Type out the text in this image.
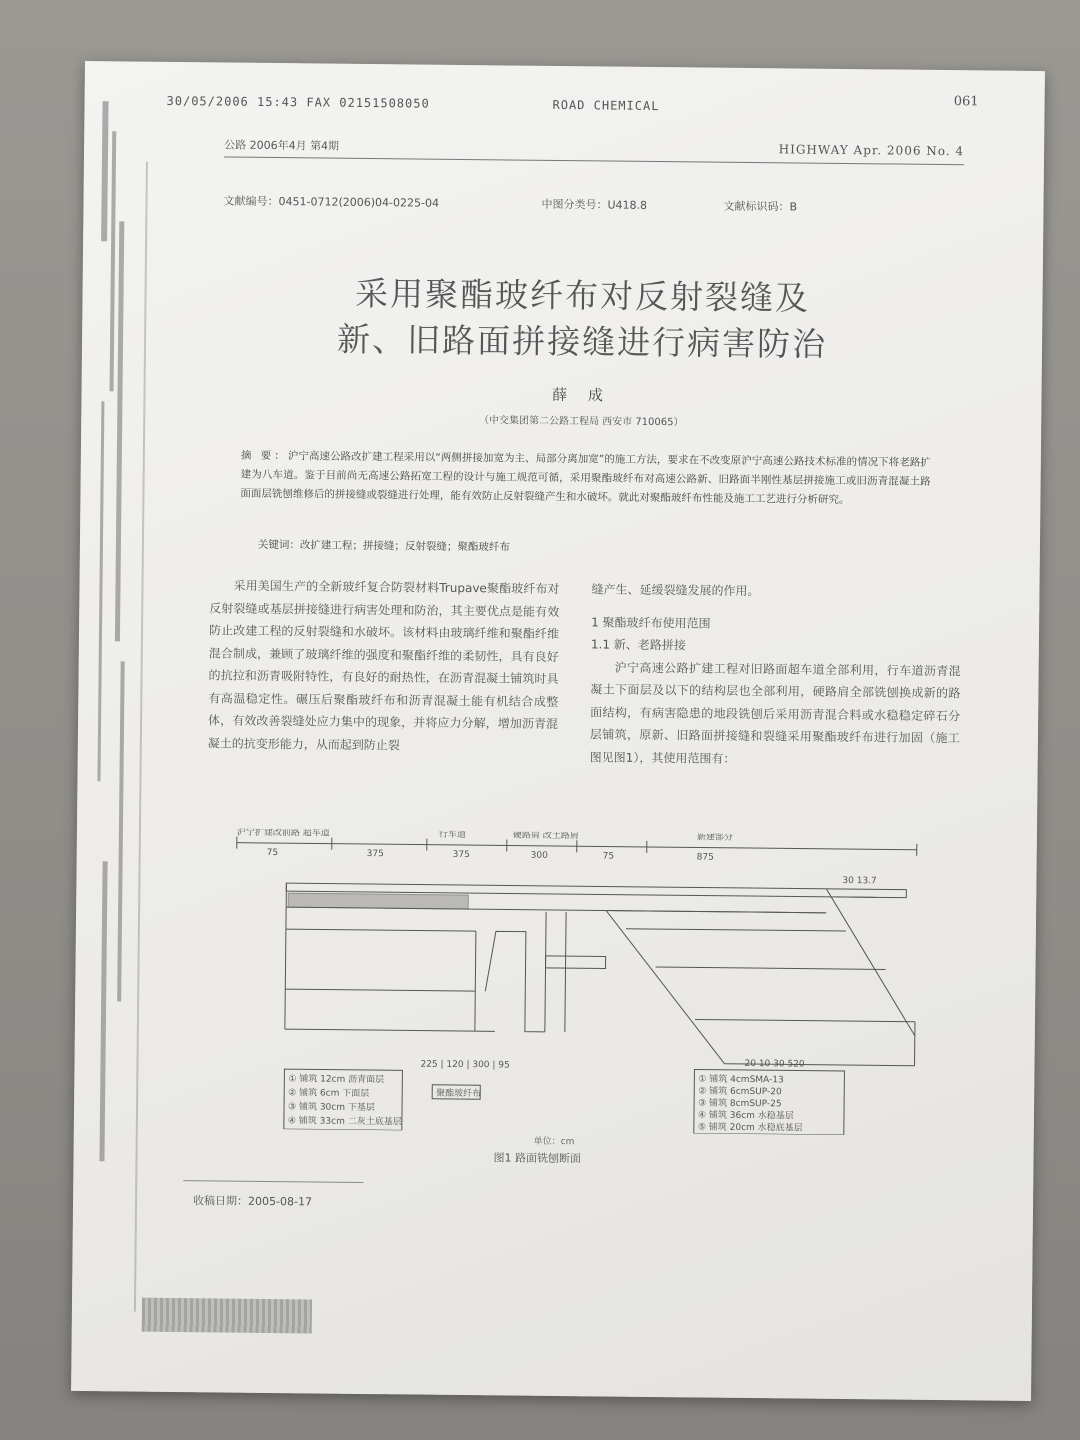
30/05/2006 15:43 FAX 02151508050	ROAD CHEMICAL	061
公路 2006年4月 第4期	HIGHWAY Apr. 2006 No. 4
文献编号：0451-0712(2006)04-0225-04	中图分类号：U418.8	文献标识码：B
采用聚酯玻纤布对反射裂缝及
新、旧路面拼接缝进行病害防治
薛 成
（中交集团第二公路工程局 西安市 710065）
摘 要：沪宁高速公路改扩建工程采用以“两侧拼接加宽为主、局部分离加宽”的施工方法，要求在不改变原沪宁高速公路技术标准的情况下将老路扩建为八车道。鉴于目前尚无高速公路拓宽工程的设计与施工规范可循，采用聚酯玻纤布对高速公路新、旧路面半刚性基层拼接施工或旧沥青混凝土路面面层铣刨维修后的拼接缝或裂缝进行处理，能有效防止反射裂缝产生和水破坏。就此对聚酯玻纤布性能及施工工艺进行分析研究。
关键词：改扩建工程；拼接缝；反射裂缝；聚酯玻纤布
采用美国生产的全新玻纤复合防裂材料Trupave聚酯玻纤布对反射裂缝或基层拼接缝进行病害处理和防治，其主要优点是能有效防止改建工程的反射裂缝和水破坏。该材料由玻璃纤维和聚酯纤维混合制成，兼顾了玻璃纤维的强度和聚酯纤维的柔韧性，具有良好的抗拉和沥青吸附特性，有良好的耐热性，在沥青混凝土铺筑时具有高温稳定性。碾压后聚酯玻纤布和沥青混凝土能有机结合成整体，有效改善裂缝处应力集中的现象，并将应力分解，增加沥青混凝土的抗变形能力，从而起到防止裂

缝产生、延缓裂缝发展的作用。

1 聚酯玻纤布使用范围

1.1 新、老路拼接

沪宁高速公路扩建工程对旧路面超车道全部利用，行车道沥青混凝土下面层及以下的结构层也全部利用，硬路肩全部铣刨换成新的路面结构，有病害隐患的地段铣刨后采用沥青混合料或水稳稳定碎石分层铺筑，原新、旧路面拼接缝和裂缝采用聚酯玻纤布进行加固（施工图见图1），其使用范围有：

沪宁扩建改前路 超车道	行车道	硬路肩 改土路肩	新建部分
75	375	375	300	75	875
30 13.7
225 | 120 | 300 | 95	20 10 30 520
① 铺筑 12cm 沥青面层
② 铺筑 6cm 下面层
③ 铺筑 30cm 下基层
④ 铺筑 33cm 二灰土底基层
聚酯玻纤布
① 铺筑 4cmSMA-13
② 铺筑 6cmSUP-20
③ 铺筑 8cmSUP-25
④ 铺筑 36cm 水稳基层
⑤ 铺筑 20cm 水稳底基层
单位：cm
图1 路面铣刨断面
收稿日期：2005-08-17
